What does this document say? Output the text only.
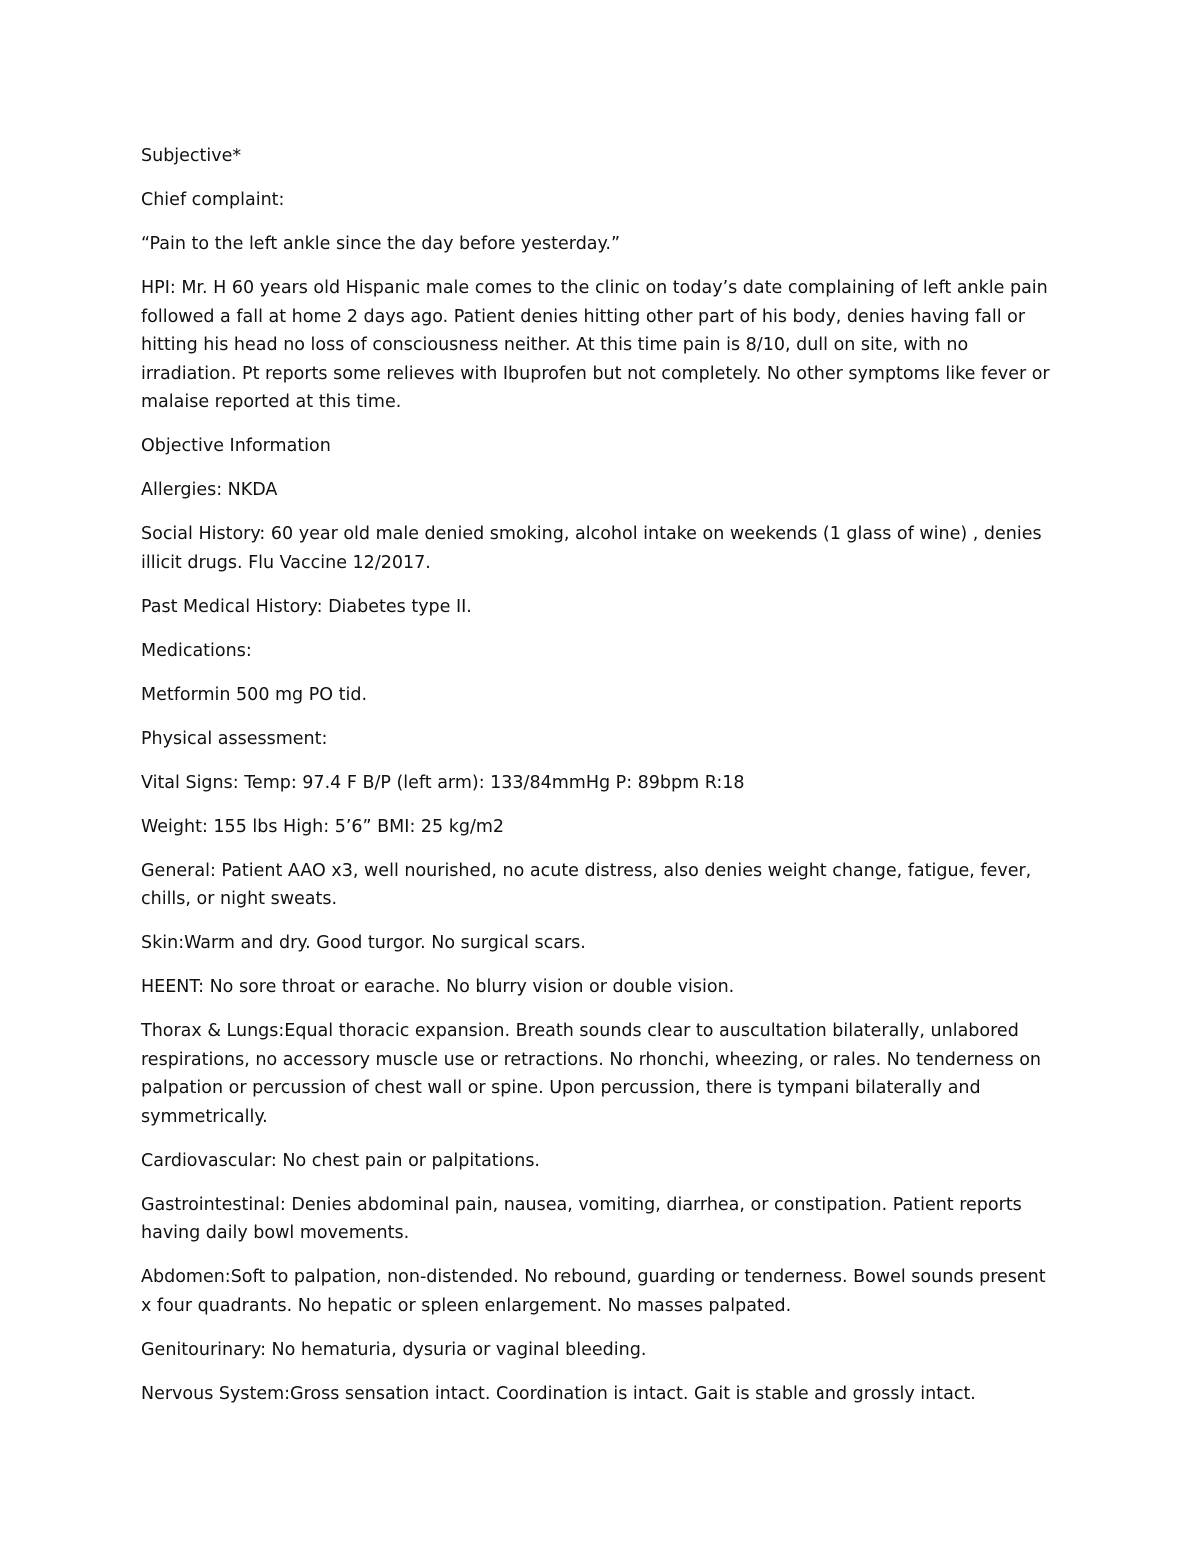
Subjective*

Chief complaint:

“Pain to the left ankle since the day before yesterday.”

HPI: Mr. H 60 years old Hispanic male comes to the clinic on today’s date complaining of left ankle pain followed a fall at home 2 days ago. Patient denies hitting other part of his body, denies having fall or hitting his head no loss of consciousness neither. At this time pain is 8/10, dull on site, with no irradiation. Pt reports some relieves with Ibuprofen but not completely. No other symptoms like fever or malaise reported at this time.

Objective Information

Allergies: NKDA

Social History: 60 year old male denied smoking, alcohol intake on weekends (1 glass of wine) , denies illicit drugs. Flu Vaccine 12/2017.

Past Medical History: Diabetes type II.

Medications:

Metformin 500 mg PO tid.

Physical assessment:

Vital Signs: Temp: 97.4 F B/P (left arm): 133/84mmHg P: 89bpm R:18

Weight: 155 lbs High: 5’6” BMI: 25 kg/m2

General: Patient AAO x3, well nourished, no acute distress, also denies weight change, fatigue, fever, chills, or night sweats.

Skin:Warm and dry. Good turgor. No surgical scars.

HEENT: No sore throat or earache. No blurry vision or double vision.

Thorax & Lungs:Equal thoracic expansion. Breath sounds clear to auscultation bilaterally, unlabored respirations, no accessory muscle use or retractions. No rhonchi, wheezing, or rales. No tenderness on palpation or percussion of chest wall or spine. Upon percussion, there is tympani bilaterally and symmetrically.

Cardiovascular: No chest pain or palpitations.

Gastrointestinal: Denies abdominal pain, nausea, vomiting, diarrhea, or constipation. Patient reports having daily bowl movements.

Abdomen:Soft to palpation, non-distended. No rebound, guarding or tenderness. Bowel sounds present x four quadrants. No hepatic or spleen enlargement. No masses palpated.

Genitourinary: No hematuria, dysuria or vaginal bleeding.

Nervous System:Gross sensation intact. Coordination is intact. Gait is stable and grossly intact.
